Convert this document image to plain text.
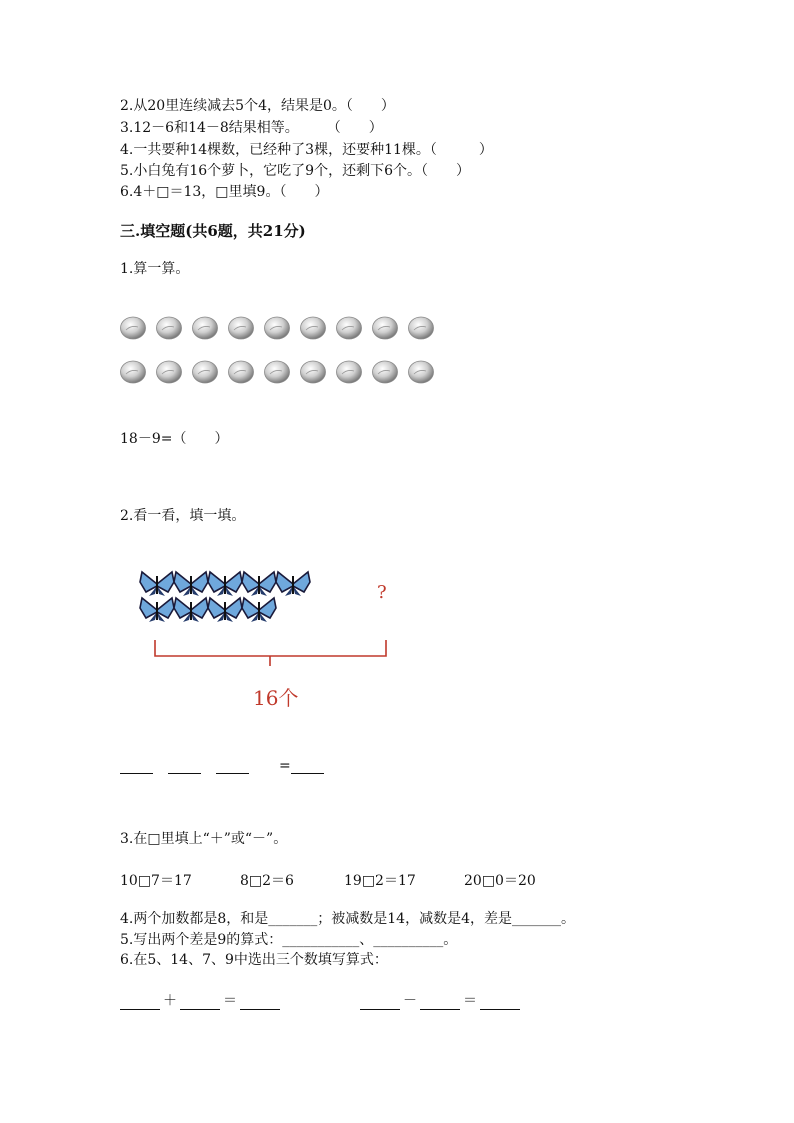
2.从20里连续减去5个4，结果是0。（　　）
3.12－6和14－8结果相等。　　　（　　）
4.一共要种14棵数，已经种了3棵，还要种11棵。（　　　）
5.小白兔有16个萝卜，它吃了9个，还剩下6个。（　　）
6.4＋□＝13，□里填9。（　　）
三.填空题(共6题，共21分)
1.算一算。
18－9=（　　）
2.看一看，填一填。
?
16个
=
3.在□里填上“＋”或“－”。
10□7＝17	8□2＝6	19□2＝17	20□0＝20
4.两个加数都是8，和是_______；被减数是14，减数是4，差是_______。
5.写出两个差是9的算式：___________、__________。
6.在5、14、7、9中选出三个数填写算式：
＋	＝	－	＝
